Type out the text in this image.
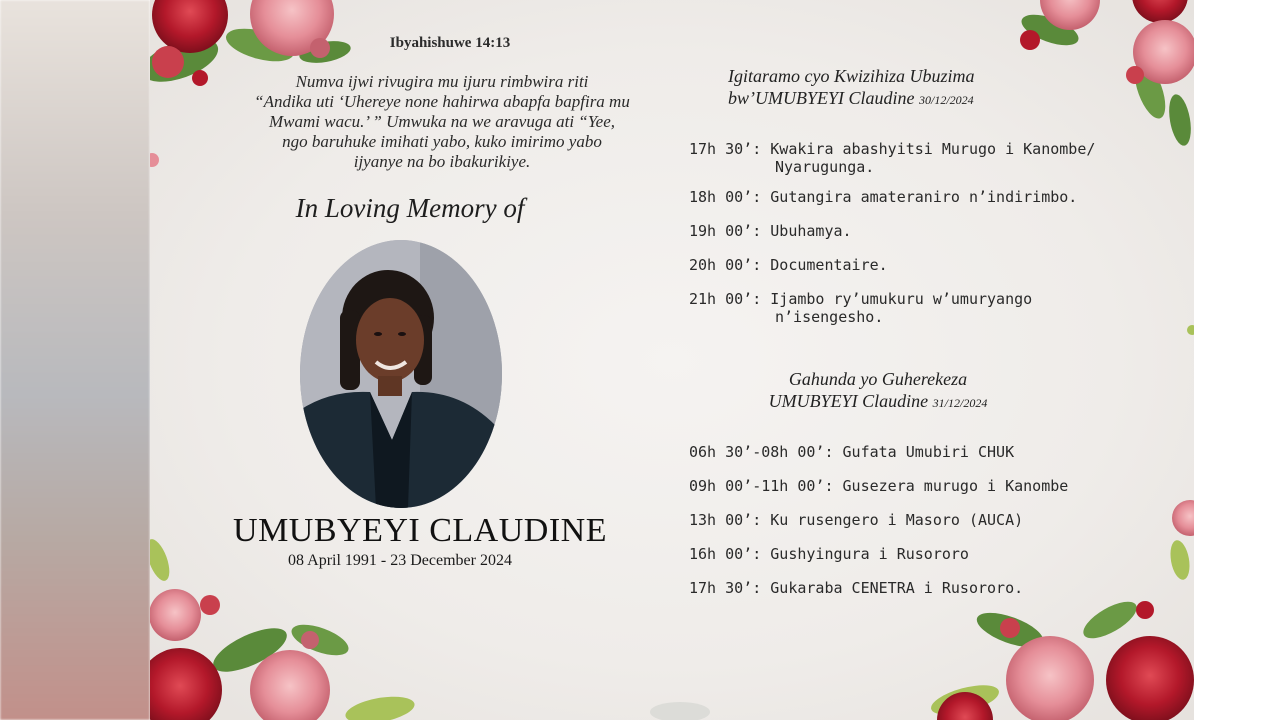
Ibyahishuwe 14:13
Numva ijwi rivugira mu ijuru rimbwira riti
“Andika uti ‘Uhereye none hahirwa abapfa bapfira mu
Mwami wacu.’ ” Umwuka na we aravuga ati “Yee,
ngo baruhuke imihati yabo, kuko imirimo yabo
ijyanye na bo ibakurikiye.
In Loving Memory of
UMUBYEYI CLAUDINE
08 April 1991 - 23 December 2024
Igitaramo cyo Kwizihiza Ubuzima
bw’UMUBYEYI Claudine 30/12/2024
17h 30’: Kwakira abashyitsi Murugo i Kanombe/
Nyarugunga.
18h 00’: Gutangira amateraniro n’indirimbo.
19h 00’: Ubuhamya.
20h 00’: Documentaire.
21h 00’: Ijambo ry’umukuru w’umuryango
n’isengesho.
Gahunda yo Guherekeza
UMUBYEYI Claudine 31/12/2024
06h 30’-08h 00’: Gufata Umubiri CHUK
09h 00’-11h 00’: Gusezera murugo i Kanombe
13h 00’: Ku rusengero i Masoro (AUCA)
16h 00’: Gushyingura i Rusororo
17h 30’: Gukaraba CENETRA i Rusororo.
